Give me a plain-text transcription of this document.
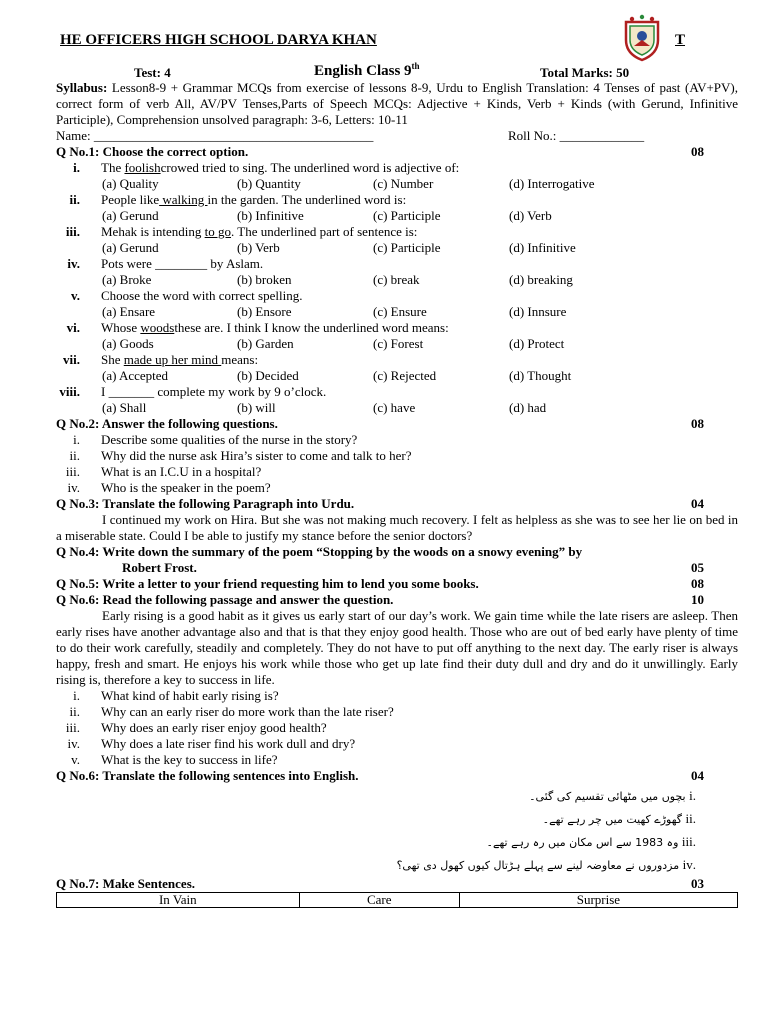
HE OFFICERS HIGH SCHOOL DARYA KHAN	T
Test: 4	English Class 9th	Total Marks: 50
Syllabus: Lesson8-9 + Grammar MCQs from exercise of lessons 8-9, Urdu to English Translation: 4 Tenses of past (AV+PV), correct form of verb All, AV/PV Tenses,Parts of Speech MCQs: Adjective + Kinds, Verb + Kinds (with Gerund, Infinitive Participle), Comprehension unsolved paragraph: 3-6, Letters: 10-11
Name: ___________________________________________	Roll No.: _____________
Q No.1: Choose the correct option.	08
i. The foolishcrowed tried to sing. The underlined word is adjective of:
(a) Quality	(b) Quantity	(c) Number	(d) Interrogative
ii. People like walking in the garden. The underlined word is:
(a) Gerund	(b) Infinitive	(c) Participle	(d) Verb
iii. Mehak is intending to go. The underlined part of sentence is:
(a) Gerund	(b) Verb	(c) Participle	(d) Infinitive
iv. Pots were ________ by Aslam.
(a) Broke	(b) broken	(c) break	(d) breaking
v. Choose the word with correct spelling.
(a) Ensare	(b) Ensore	(c) Ensure	(d) Innsure
vi. Whose woodsthese are. I think I know the underlined word means:
(a) Goods	(b) Garden	(c) Forest	(d) Protect
vii. She made up her mind means:
(a) Accepted	(b) Decided	(c) Rejected	(d) Thought
viii. I _______ complete my work by 9 o’clock.
(a) Shall	(b) will	(c) have	(d) had
Q No.2: Answer the following questions.	08
i. Describe some qualities of the nurse in the story?
ii. Why did the nurse ask Hira’s sister to come and talk to her?
iii. What is an I.C.U in a hospital?
iv. Who is the speaker in the poem?
Q No.3: Translate the following Paragraph into Urdu.	04
I continued my work on Hira. But she was not making much recovery. I felt as helpless as she was to see her lie on bed in a miserable state. Could I be able to justify my stance before the senior doctors?
Q No.4: Write down the summary of the poem “Stopping by the woods on a snowy evening” by
Robert Frost.	05
Q No.5: Write a letter to your friend requesting him to lend you some books.	08
Q No.6: Read the following passage and answer the question.	10
Early rising is a good habit as it gives us early start of our day’s work. We gain time while the late risers are asleep. Then early rises have another advantage also and that is that they enjoy good health. Those who are out of bed early have plenty of time to do their work carefully, steadily and completely. They do not have to put off anything to the next day. The early riser is always happy, fresh and smart. He enjoys his work while those who get up late find their duty dull and dry and do it unwillingly. Early rising is, therefore a key to success in life.
i. What kind of habit early rising is?
ii. Why can an early riser do more work than the late riser?
iii. Why does an early riser enjoy good health?
iv. Why does a late riser find his work dull and dry?
v. What is the key to success in life?
Q No.6: Translate the following sentences into English.	04
.i بچوں میں مٹھائی تقسیم کی گئی۔
.ii گھوڑے کھیت میں چر رہے تھے۔
.iii وہ 1983 سے اس مکان میں رہ رہے تھے۔
.iv مزدوروں نے معاوضہ لینے سے پہلے ہڑتال کیوں کھول دی تھی؟
Q No.7: Make Sentences.	03
In Vain	Care	Surprise
